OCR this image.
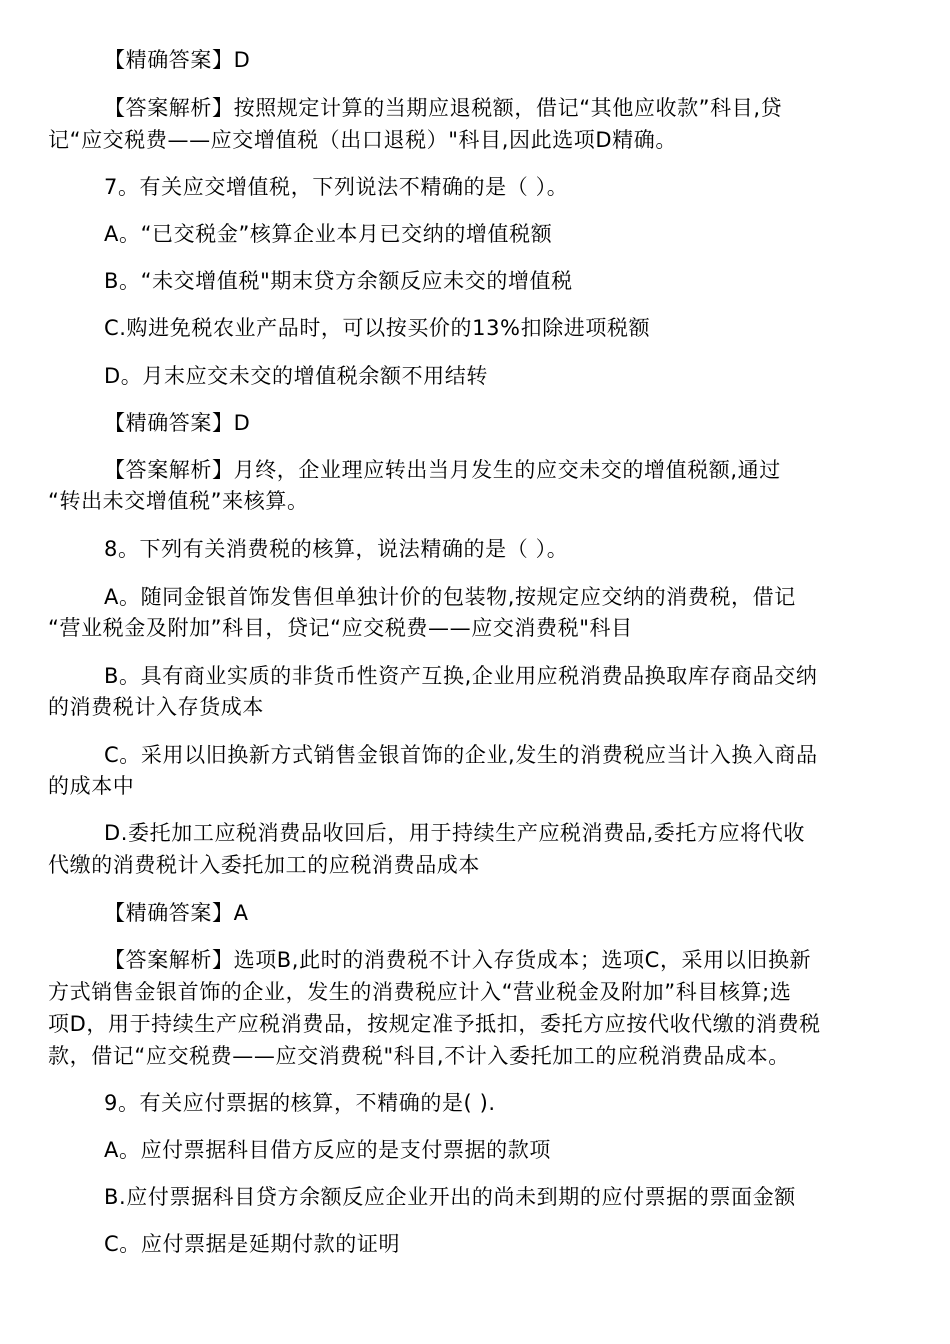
【精确答案】D
【答案解析】按照规定计算的当期应退税额，借记“其他应收款”科目,贷
记“应交税费——应交增值税（出口退税）"科目,因此选项D精确。
7。有关应交增值税，下列说法不精确的是（ ）。
A。“已交税金”核算企业本月已交纳的增值税额
B。“未交增值税"期末贷方余额反应未交的增值税
C.购进免税农业产品时，可以按买价的13%扣除进项税额
D。月末应交未交的增值税余额不用结转
【精确答案】D
【答案解析】月终，企业理应转出当月发生的应交未交的增值税额,通过
“转出未交增值税”来核算。
8。下列有关消费税的核算，说法精确的是（ ）。
A。随同金银首饰发售但单独计价的包装物,按规定应交纳的消费税，借记
“营业税金及附加”科目，贷记“应交税费——应交消费税"科目
B。具有商业实质的非货币性资产互换,企业用应税消费品换取库存商品交纳
的消费税计入存货成本
C。采用以旧换新方式销售金银首饰的企业,发生的消费税应当计入换入商品
的成本中
D.委托加工应税消费品收回后，用于持续生产应税消费品,委托方应将代收
代缴的消费税计入委托加工的应税消费品成本
【精确答案】A
【答案解析】选项B,此时的消费税不计入存货成本；选项C，采用以旧换新
方式销售金银首饰的企业，发生的消费税应计入“营业税金及附加”科目核算;选
项D，用于持续生产应税消费品，按规定准予抵扣，委托方应按代收代缴的消费税
款，借记“应交税费——应交消费税"科目,不计入委托加工的应税消费品成本。
9。有关应付票据的核算，不精确的是( ).
A。应付票据科目借方反应的是支付票据的款项
B.应付票据科目贷方余额反应企业开出的尚未到期的应付票据的票面金额
C。应付票据是延期付款的证明
